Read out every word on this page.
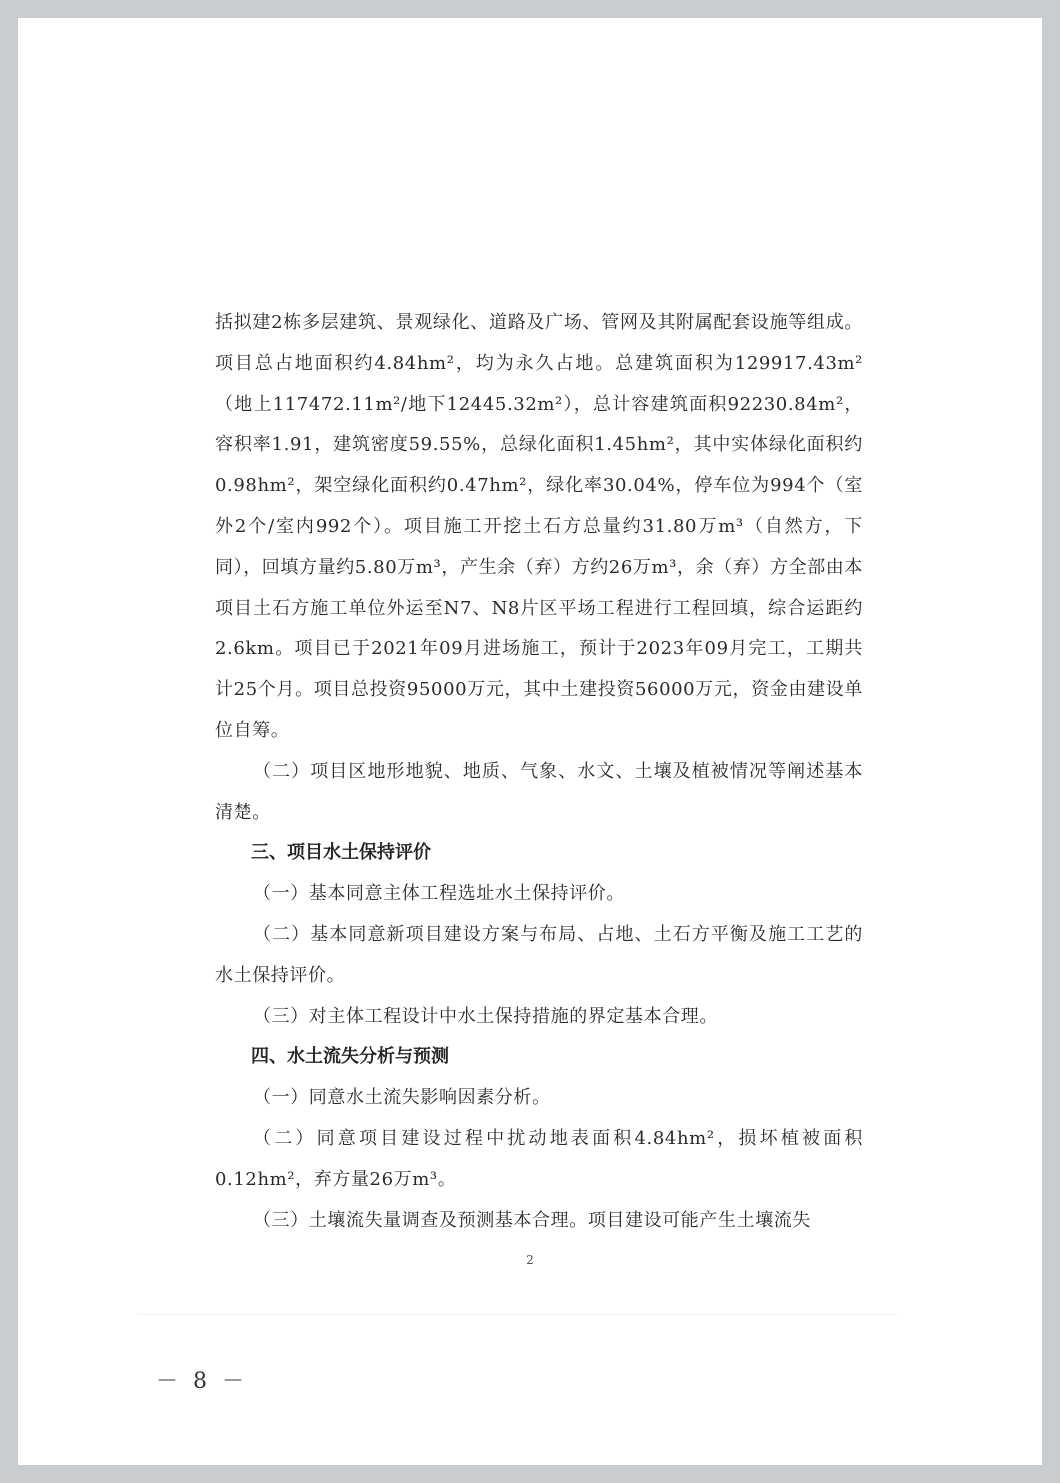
括拟建2栋多层建筑、景观绿化、道路及广场、管网及其附属配套设施等组成。项目总占地面积约4.84hm²，均为永久占地。总建筑面积为129917.43m²（地上117472.11m²/地下12445.32m²），总计容建筑面积92230.84m²，容积率1.91，建筑密度59.55%，总绿化面积1.45hm²，其中实体绿化面积约0.98hm²，架空绿化面积约0.47hm²，绿化率30.04%，停车位为994个（室外2个/室内992个）。项目施工开挖土石方总量约31.80万m³（自然方，下同），回填方量约5.80万m³，产生余（弃）方约26万m³，余（弃）方全部由本项目土石方施工单位外运至N7、N8片区平场工程进行工程回填，综合运距约2.6km。项目已于2021年09月进场施工，预计于2023年09月完工，工期共计25个月。项目总投资95000万元，其中土建投资56000万元，资金由建设单位自筹。

（二）项目区地形地貌、地质、气象、水文、土壤及植被情况等阐述基本清楚。

三、项目水土保持评价

（一）基本同意主体工程选址水土保持评价。

（二）基本同意新项目建设方案与布局、占地、土石方平衡及施工工艺的水土保持评价。

（三）对主体工程设计中水土保持措施的界定基本合理。

四、水土流失分析与预测

（一）同意水土流失影响因素分析。

（二）同意项目建设过程中扰动地表面积4.84hm²，损坏植被面积0.12hm²，弃方量26万m³。

（三）土壤流失量调查及预测基本合理。项目建设可能产生土壤流失

2
－ 8 －
